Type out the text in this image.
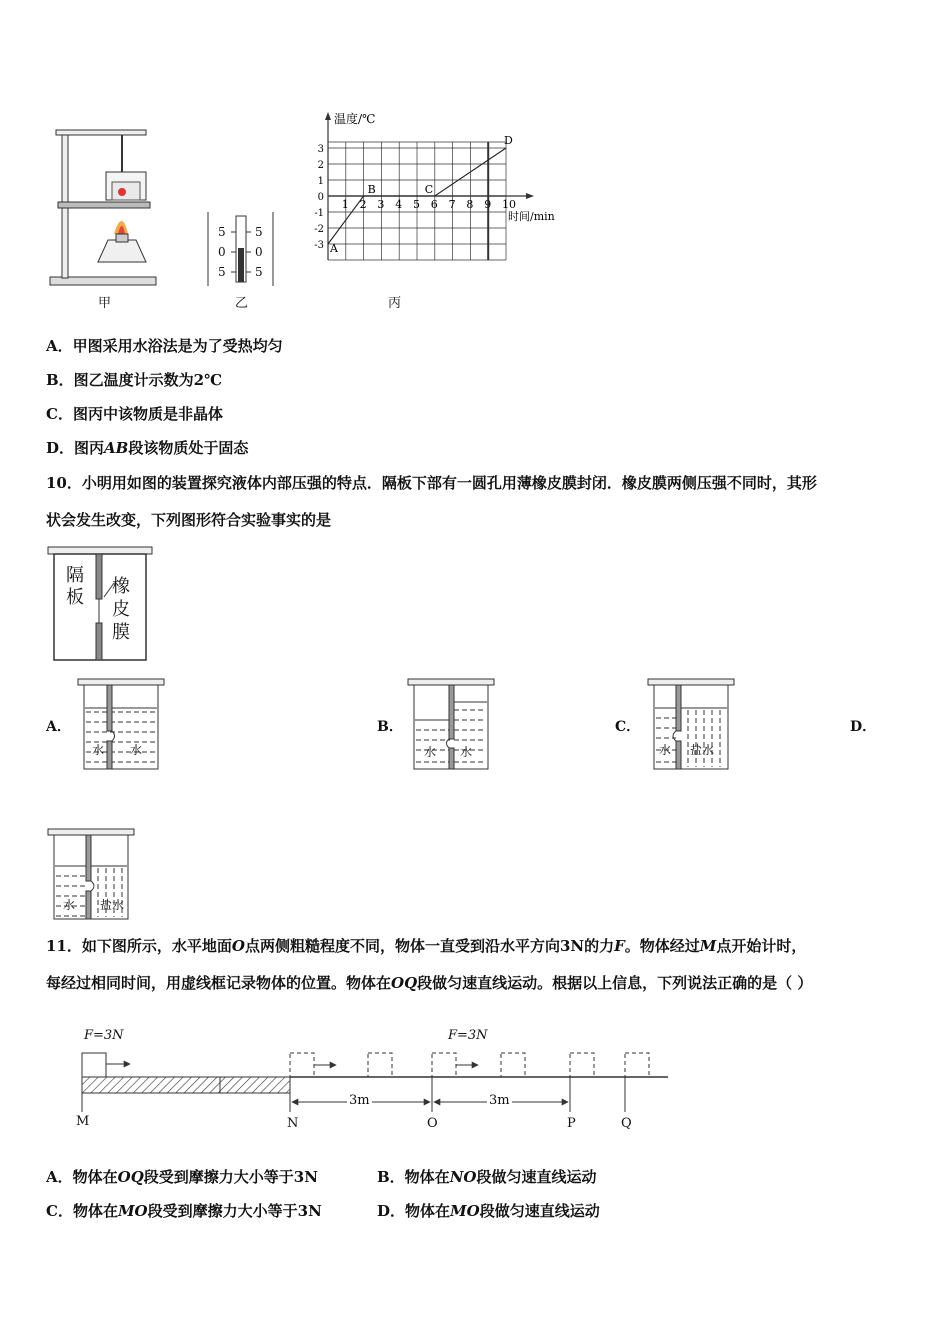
甲
5
0
5
5
0
5
乙
A
B	C
D
3
2
1
0
-1
-2
-3
1 2 3 4 5 6 7 8 9 10
温度/℃
时间/min
丙
A．甲图采用水浴法是为了受热均匀
B．图乙温度计示数为2℃
C．图丙中该物质是非晶体
D．图丙AB段该物质处于固态
10．小明用如图的装置探究液体内部压强的特点．隔板下部有一圆孔用薄橡皮膜封闭．橡皮膜两侧压强不同时，其形
状会发生改变，下列图形符合实验事实的是
隔
板
橡
皮
膜
A．	B．	C．	D．
水 水	水 水	水 盐水
水 盐水
11．如下图所示，水平地面O点两侧粗糙程度不同，物体一直受到沿水平方向3N的力F。物体经过M点开始计时，
每经过相同时间，用虚线框记录物体的位置。物体在OQ段做匀速直线运动。根据以上信息，下列说法正确的是（ ）
F=3N	F=3N
3m	3m
M	N	O	P	Q
A．物体在OQ段受到摩擦力大小等于3N	B．物体在NO段做匀速直线运动
C．物体在MO段受到摩擦力大小等于3N	D．物体在MO段做匀速直线运动
